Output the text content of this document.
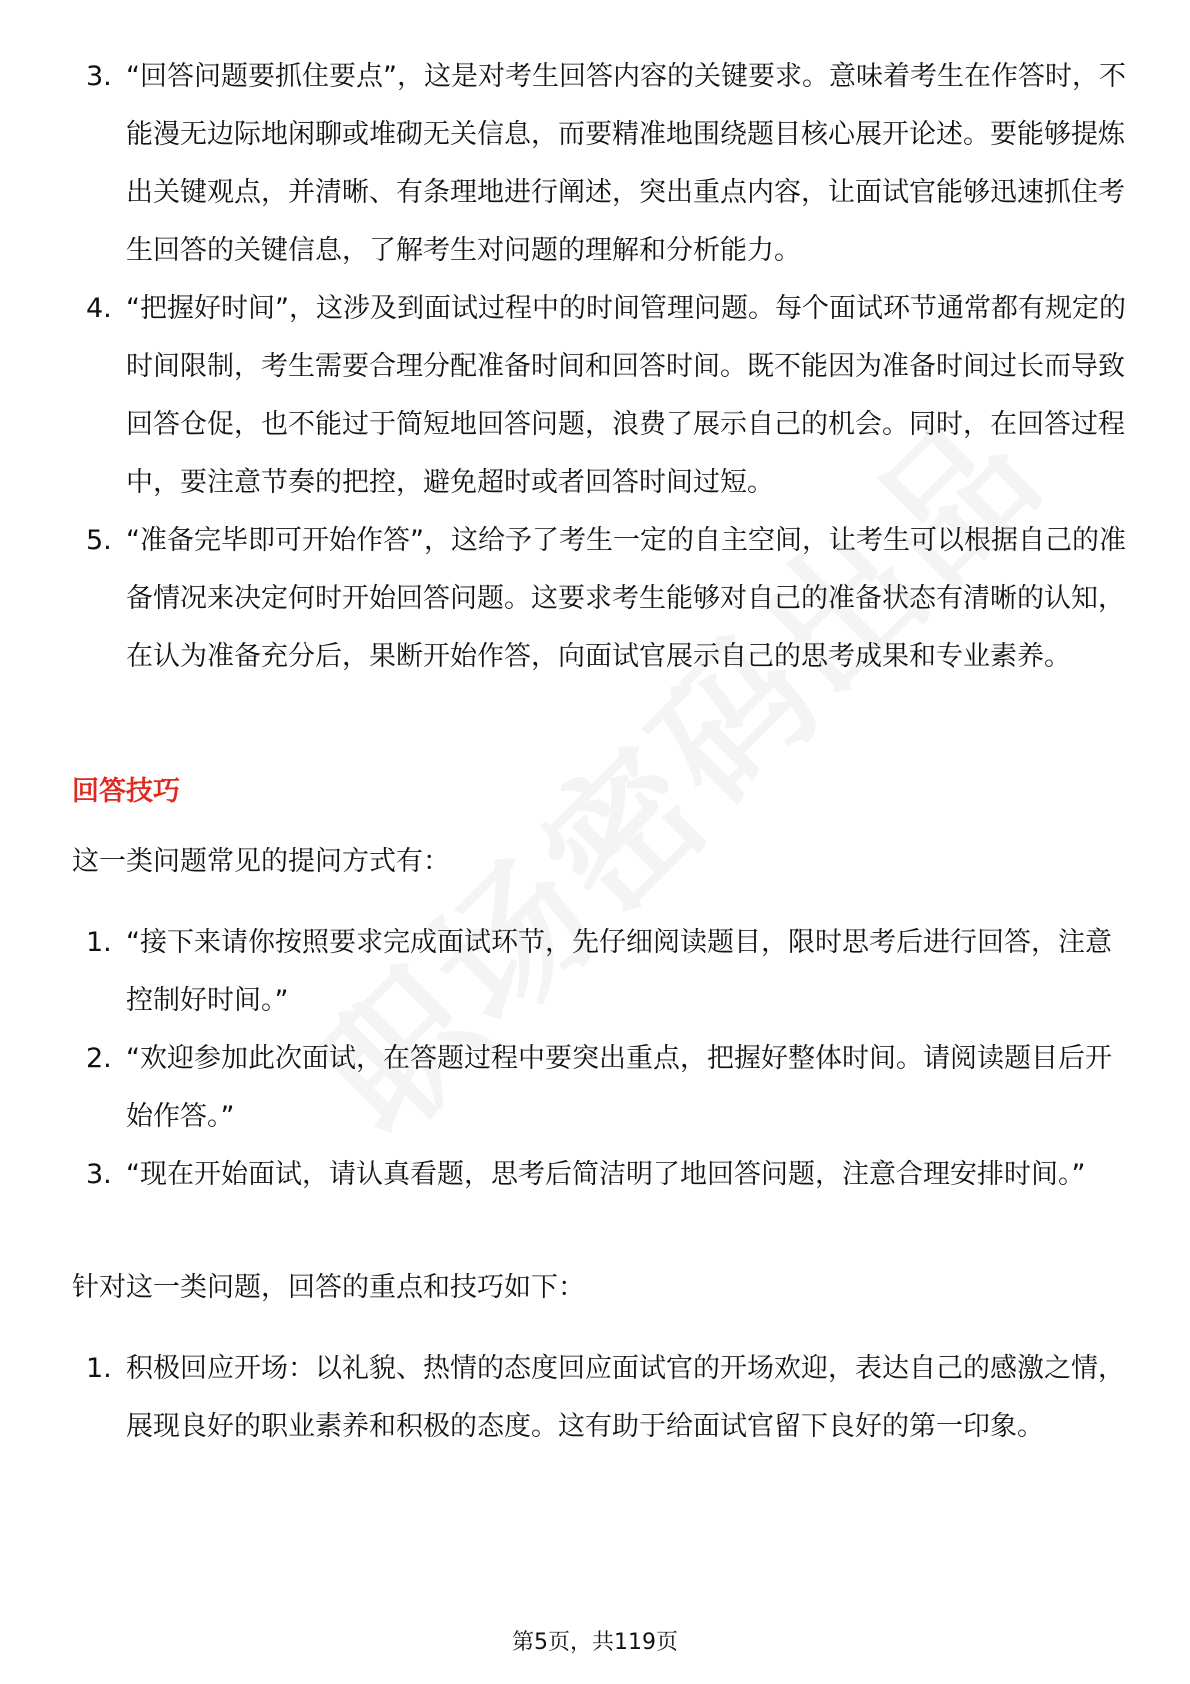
3. “回答问题要抓住要点”，这是对考生回答内容的关键要求。意味着考生在作答时，不能漫无边际地闲聊或堆砌无关信息，而要精准地围绕题目核心展开论述。要能够提炼出关键观点，并清晰、有条理地进行阐述，突出重点内容，让面试官能够迅速抓住考生回答的关键信息，了解考生对问题的理解和分析能力。
4. “把握好时间”，这涉及到面试过程中的时间管理问题。每个面试环节通常都有规定的时间限制，考生需要合理分配准备时间和回答时间。既不能因为准备时间过长而导致回答仓促，也不能过于简短地回答问题，浪费了展示自己的机会。同时，在回答过程中，要注意节奏的把控，避免超时或者回答时间过短。
5. “准备完毕即可开始作答”，这给予了考生一定的自主空间，让考生可以根据自己的准备情况来决定何时开始回答问题。这要求考生能够对自己的准备状态有清晰的认知，在认为准备充分后，果断开始作答，向面试官展示自己的思考成果和专业素养。
回答技巧
这一类问题常见的提问方式有：
1. “接下来请你按照要求完成面试环节，先仔细阅读题目，限时思考后进行回答，注意控制好时间。”
2. “欢迎参加此次面试，在答题过程中要突出重点，把握好整体时间。请阅读题目后开始作答。”
3. “现在开始面试，请认真看题，思考后简洁明了地回答问题，注意合理安排时间。”
针对这一类问题，回答的重点和技巧如下：
1. 积极回应开场：以礼貌、热情的态度回应面试官的开场欢迎，表达自己的感激之情，展现良好的职业素养和积极的态度。这有助于给面试官留下良好的第一印象。
第5页，共119页
